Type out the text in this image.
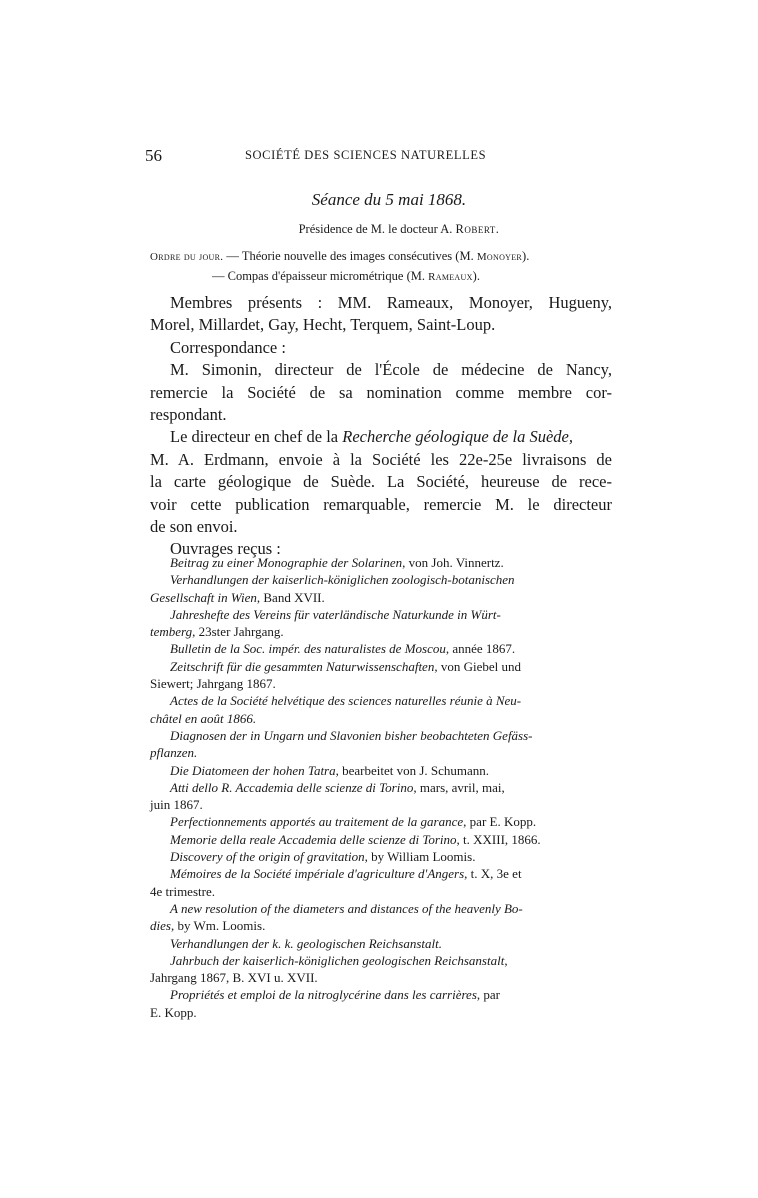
56	SOCIÉTÉ DES SCIENCES NATURELLES
Séance du 5 mai 1868.
Présidence de M. le docteur A. Robert.
Ordre du jour. — Théorie nouvelle des images consécutives (M. Monoyer).
— Compas d'épaisseur micrométrique (M. Rameaux).
Membres présents : MM. Rameaux, Monoyer, Hugueny,
Morel, Millardet, Gay, Hecht, Terquem, Saint-Loup.
Correspondance :
M. Simonin, directeur de l'École de médecine de Nancy,
remercie la Société de sa nomination comme membre cor-
respondant.
Le directeur en chef de la Recherche géologique de la Suède,
M. A. Erdmann, envoie à la Société les 22e-25e livraisons de
la carte géologique de Suède. La Société, heureuse de rece-
voir cette publication remarquable, remercie M. le directeur
de son envoi.
Ouvrages reçus :
Beitrag zu einer Monographie der Solarinen, von Joh. Vinnertz.
Verhandlungen der kaiserlich-königlichen zoologisch-botanischen
Gesellschaft in Wien, Band XVII.
Jahreshefte des Vereins für vaterländische Naturkunde in Würt-
temberg, 23ster Jahrgang.
Bulletin de la Soc. impér. des naturalistes de Moscou, année 1867.
Zeitschrift für die gesammten Naturwissenschaften, von Giebel und
Siewert; Jahrgang 1867.
Actes de la Société helvétique des sciences naturelles réunie à Neu-
châtel en août 1866.
Diagnosen der in Ungarn und Slavonien bisher beobachteten Gefäss-
pflanzen.
Die Diatomeen der hohen Tatra, bearbeitet von J. Schumann.
Atti dello R. Accademia delle scienze di Torino, mars, avril, mai,
juin 1867.
Perfectionnements apportés au traitement de la garance, par E. Kopp.
Memorie della reale Accademia delle scienze di Torino, t. XXIII, 1866.
Discovery of the origin of gravitation, by William Loomis.
Mémoires de la Société impériale d'agriculture d'Angers, t. X, 3e et
4e trimestre.
A new resolution of the diameters and distances of the heavenly Bo-
dies, by Wm. Loomis.
Verhandlungen der k. k. geologischen Reichsanstalt.
Jahrbuch der kaiserlich-königlichen geologischen Reichsanstalt,
Jahrgang 1867, B. XVI u. XVII.
Propriétés et emploi de la nitroglycérine dans les carrières, par
E. Kopp.
